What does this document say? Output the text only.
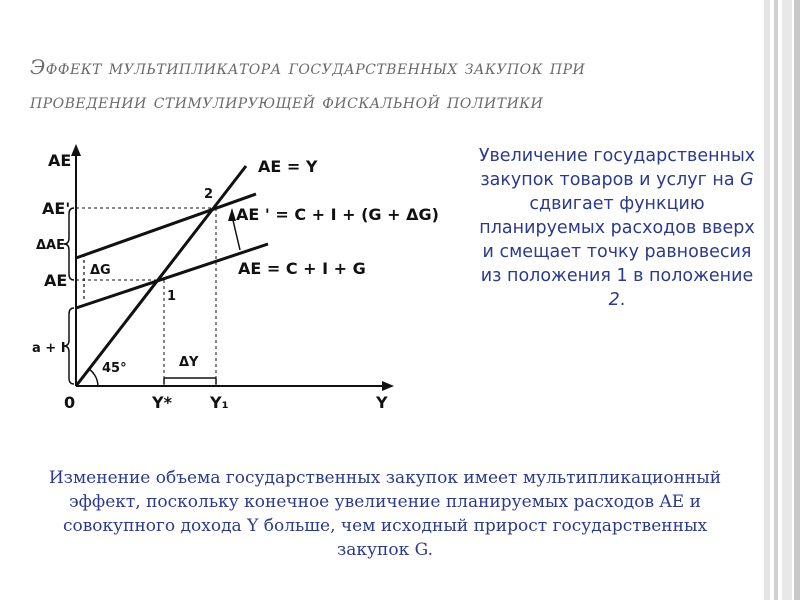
Эффект мультипликатора государственных закупок при
проведении стимулирующей фискальной политики
AE
Y
0
AE = Y
AE ' = C + I + (G + ΔG)
AE = C + I + G
AE'
ΔAE
AE
a + I
ΔG
ΔY
45°
1
2
Y* Y₁
Увеличение государственных закупок товаров и услуг на G сдвигает функцию планируемых расходов вверх и смещает точку равновесия из положения 1 в положение 2.
Изменение объема государственных закупок имеет мультипликационный эффект, поскольку конечное увеличение планируемых расходов AE и совокупного дохода Y больше, чем исходный прирост государственных закупок G.
